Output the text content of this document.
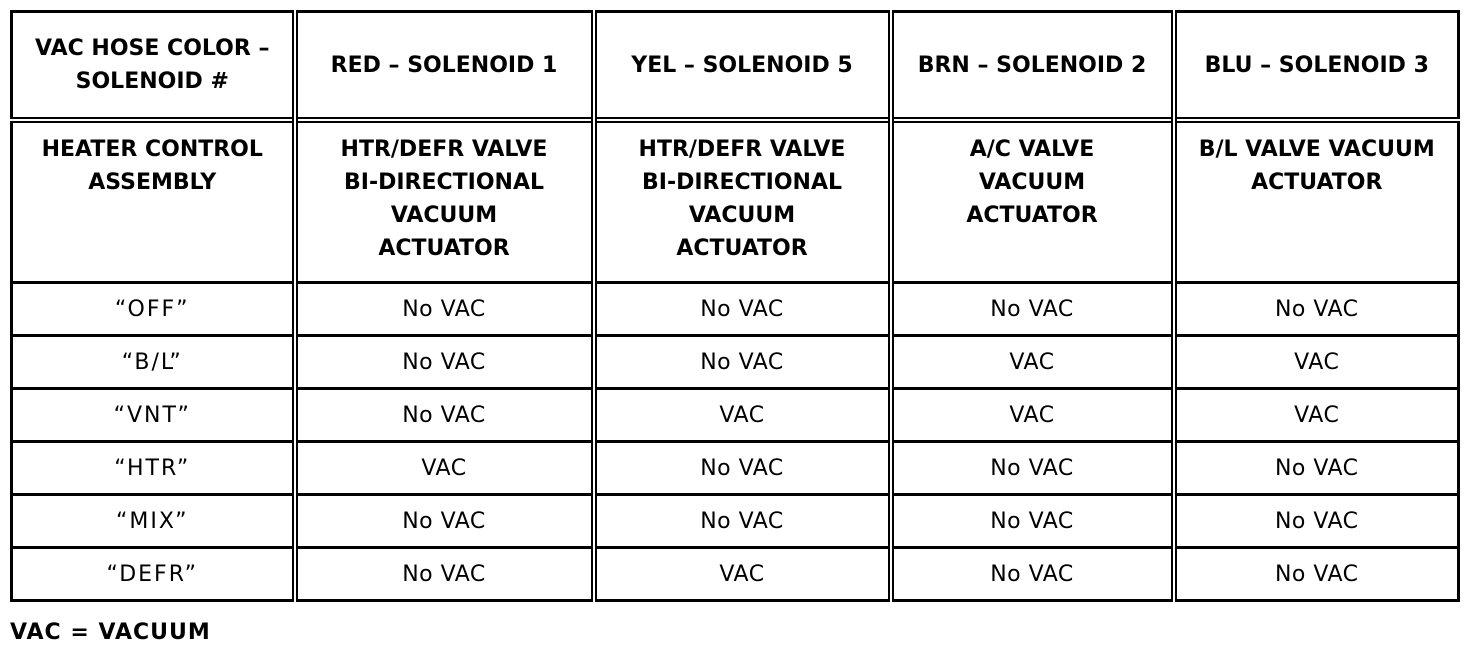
VAC HOSE COLOR –
SOLENOID #	RED – SOLENOID 1	YEL – SOLENOID 5	BRN – SOLENOID 2	BLU – SOLENOID 3

HEATER CONTROL
ASSEMBLY	HTR/DEFR VALVE
BI-DIRECTIONAL
VACUUM
ACTUATOR	HTR/DEFR VALVE
BI-DIRECTIONAL
VACUUM
ACTUATOR	A/C VALVE
VACUUM
ACTUATOR	B/L VALVE VACUUM
ACTUATOR

“OFF”	No VAC	No VAC	No VAC	No VAC
“B/L”	No VAC	No VAC	VAC	VAC
“VNT”	No VAC	VAC	VAC	VAC
“HTR”	VAC	No VAC	No VAC	No VAC
“MIX”	No VAC	No VAC	No VAC	No VAC
“DEFR”	No VAC	VAC	No VAC	No VAC
VAC = VACUUM
